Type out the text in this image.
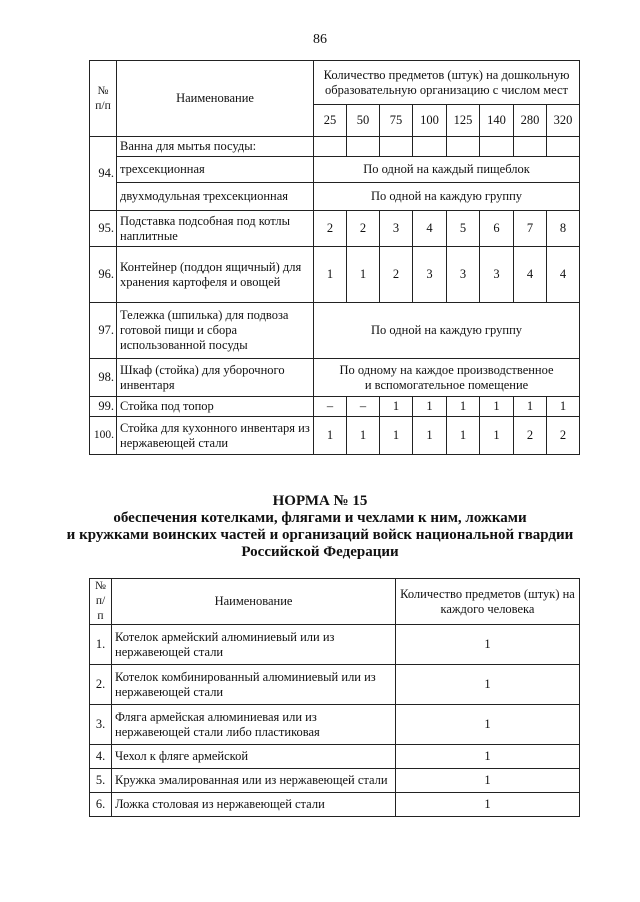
86
№ п/п	Наименование	Количество предметов (штук) на дошкольную образовательную организацию с числом мест							
		25	50	75	100	125	140	280	320
94.	Ванна для мытья посуды:								
	трехсекционная	По одной на каждый пищеблок							
	двухмодульная трехсекционная	По одной на каждую группу							
95.	Подставка подсобная под котлы наплитные	2	2	3	4	5	6	7	8
96.	Контейнер (поддон ящичный) для хранения картофеля и овощей	1	1	2	3	3	3	4	4
97.	Тележка (шпилька) для подвоза готовой пищи и сбора использованной посуды	По одной на каждую группу							
98.	Шкаф (стойка) для уборочного инвентаря	По одному на каждое производственное
и вспомогательное помещение							

99.	Стойка под топор	–	–	1	1	1	1	1	1
100.	Стойка для кухонного инвентаря из нержавеющей стали	1	1	1	1	1	1	2	2
НОРМА № 15
обеспечения котелками, флягами и чехлами к ним, ложками
и кружками воинских частей и организаций войск национальной гвардии
Российской Федерации
№ п/п	Наименование	Количество предметов (штук) на каждого человека
1.	Котелок армейский алюминиевый или из нержавеющей стали	1
2.	Котелок комбинированный алюминиевый или из нержавеющей стали	1
3.	Фляга армейская алюминиевая или из нержавеющей стали либо пластиковая	1
4.	Чехол к фляге армейской	1
5.	Кружка эмалированная или из нержавеющей стали	1
6.	Ложка столовая из нержавеющей стали	1
